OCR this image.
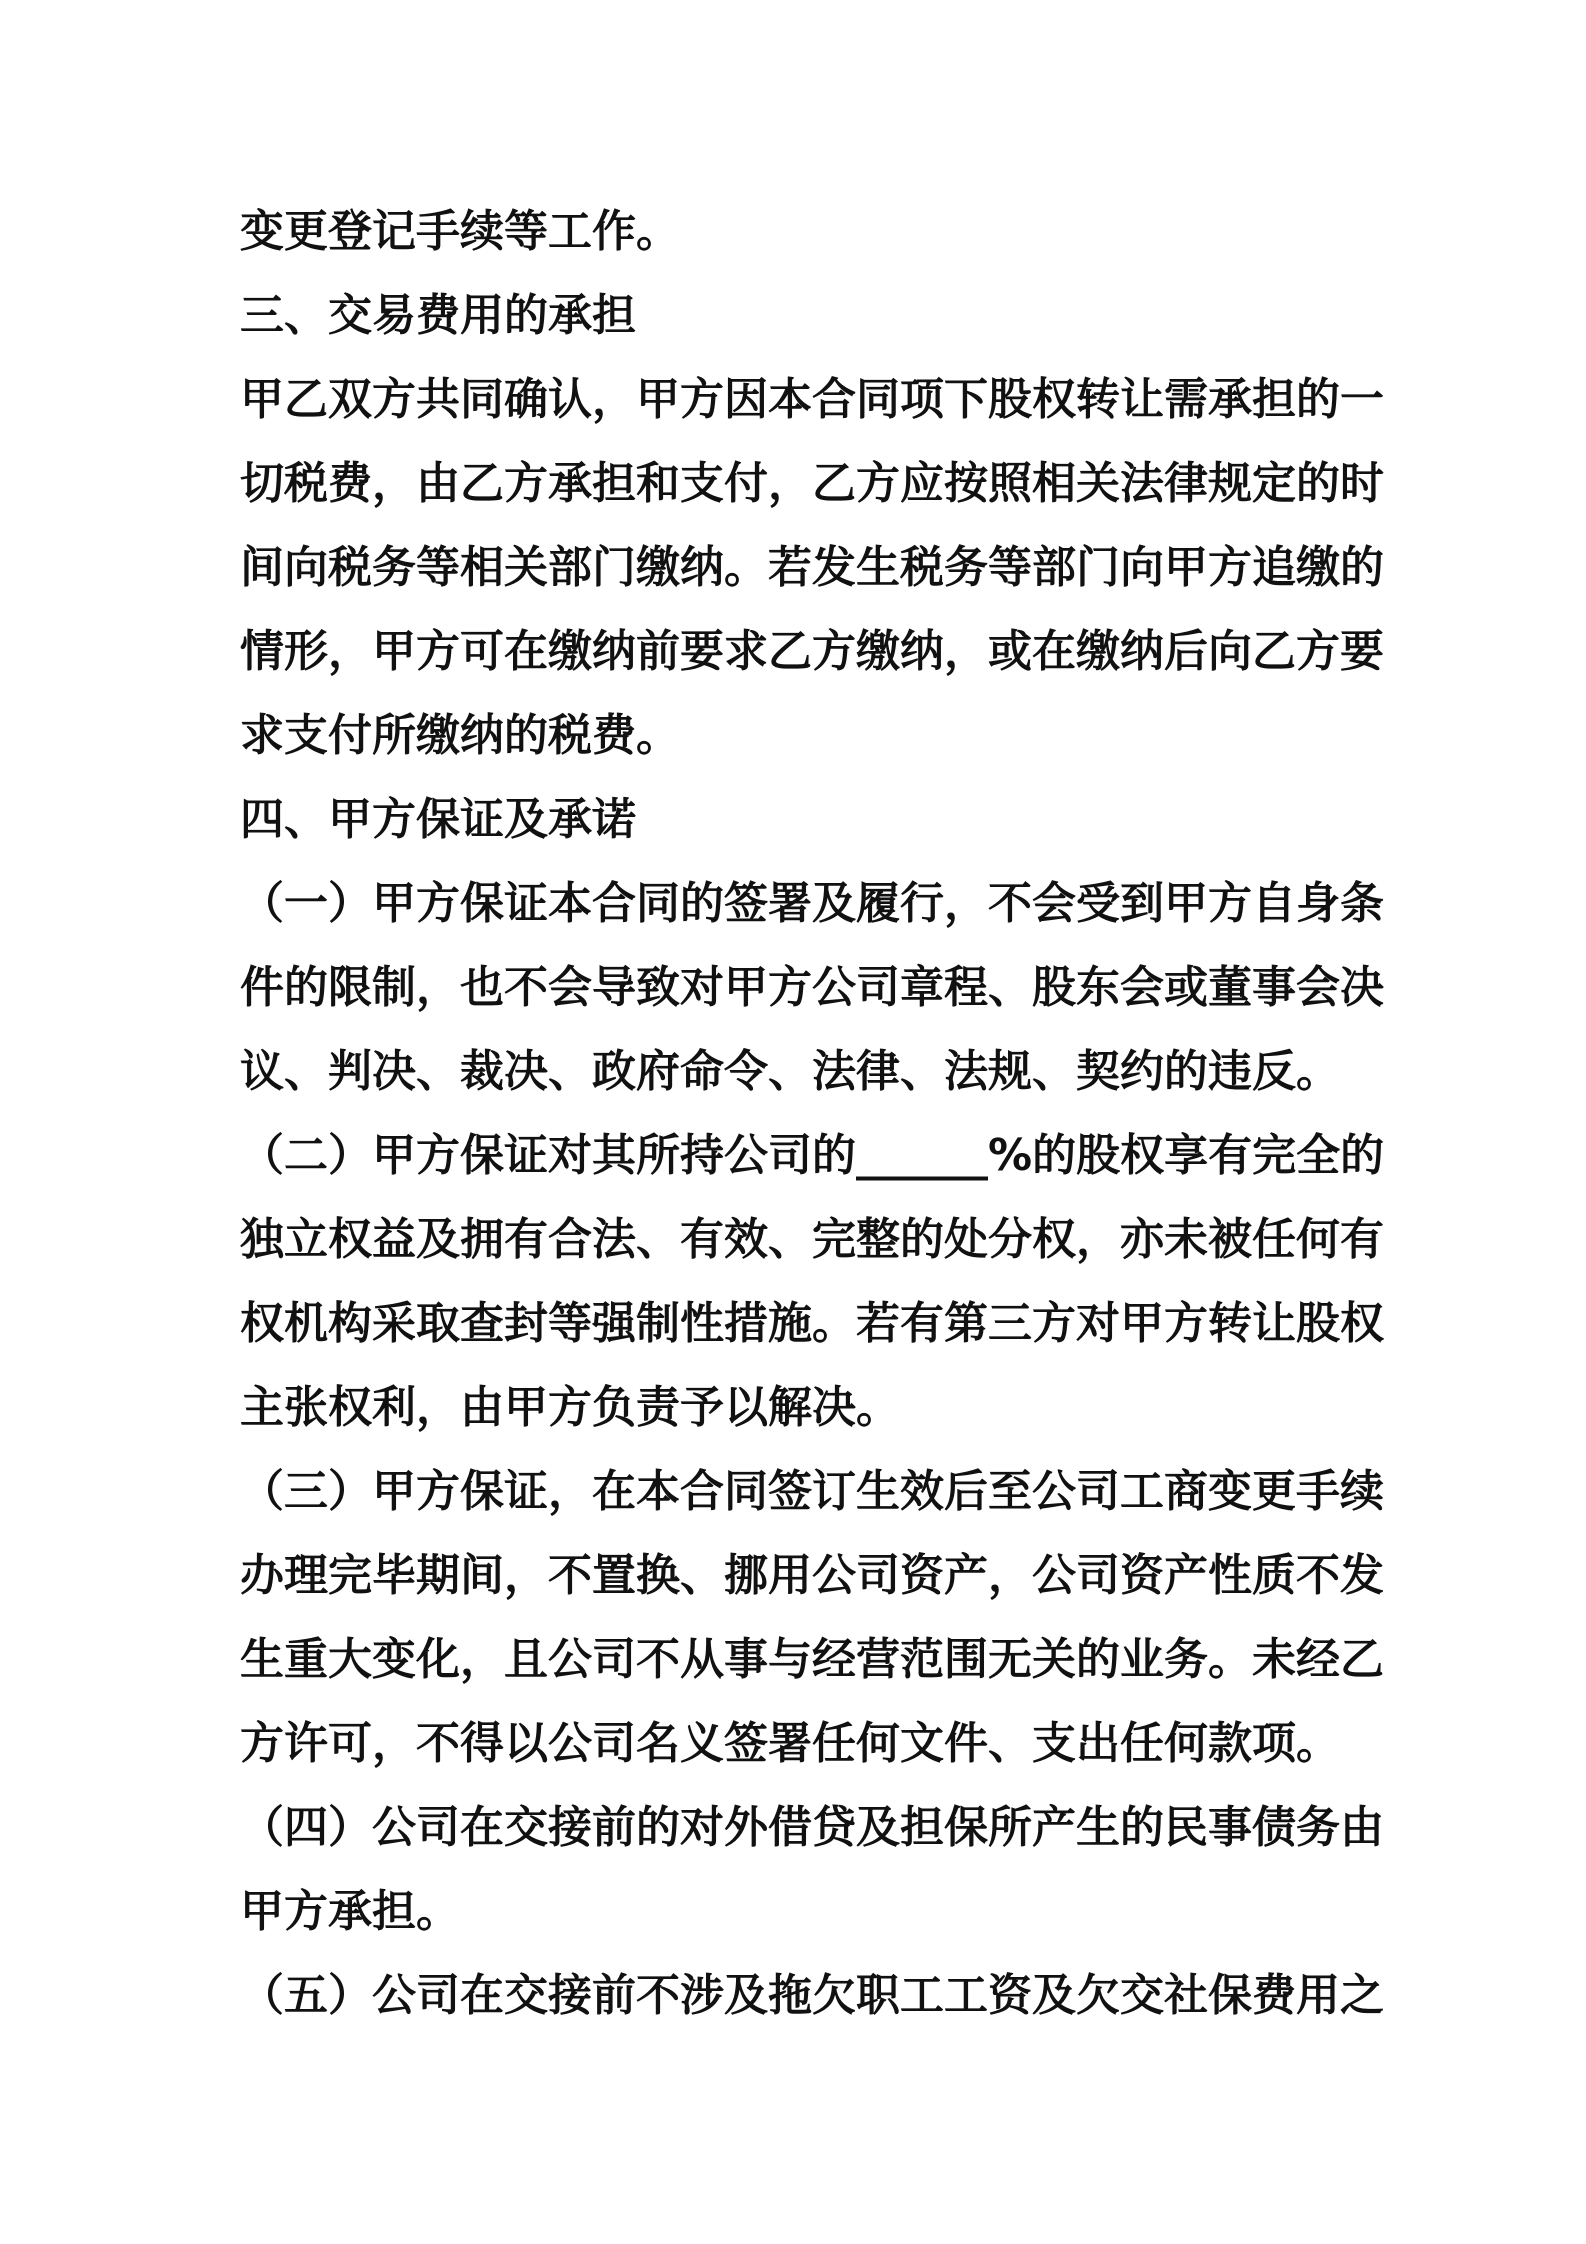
变更登记手续等工作。
三、交易费用的承担
甲乙双方共同确认，甲方因本合同项下股权转让需承担的一
切税费，由乙方承担和支付，乙方应按照相关法律规定的时
间向税务等相关部门缴纳。若发生税务等部门向甲方追缴的
情形，甲方可在缴纳前要求乙方缴纳，或在缴纳后向乙方要
求支付所缴纳的税费。
四、甲方保证及承诺
（一）甲方保证本合同的签署及履行，不会受到甲方自身条
件的限制，也不会导致对甲方公司章程、股东会或董事会决
议、判决、裁决、政府命令、法律、法规、契约的违反。
（二）甲方保证对其所持公司的______%的股权享有完全的
独立权益及拥有合法、有效、完整的处分权，亦未被任何有
权机构采取查封等强制性措施。若有第三方对甲方转让股权
主张权利，由甲方负责予以解决。
（三）甲方保证，在本合同签订生效后至公司工商变更手续
办理完毕期间，不置换、挪用公司资产，公司资产性质不发
生重大变化，且公司不从事与经营范围无关的业务。未经乙
方许可，不得以公司名义签署任何文件、支出任何款项。
（四）公司在交接前的对外借贷及担保所产生的民事债务由
甲方承担。
（五）公司在交接前不涉及拖欠职工工资及欠交社保费用之
